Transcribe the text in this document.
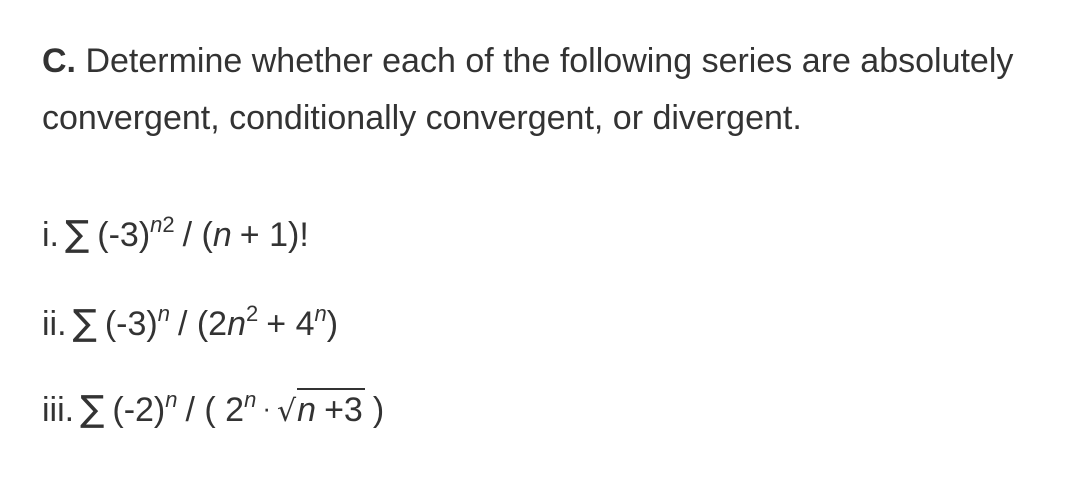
C. Determine whether each of the following series are absolutely convergent, conditionally convergent, or divergent.

i. ∑ (-3) n2 / ( n + 1)!
ii. ∑ (-3) n / (2 n 2 + 4 n )
iii. ∑ (-2) n / ( 2 n · √ n +3 )
